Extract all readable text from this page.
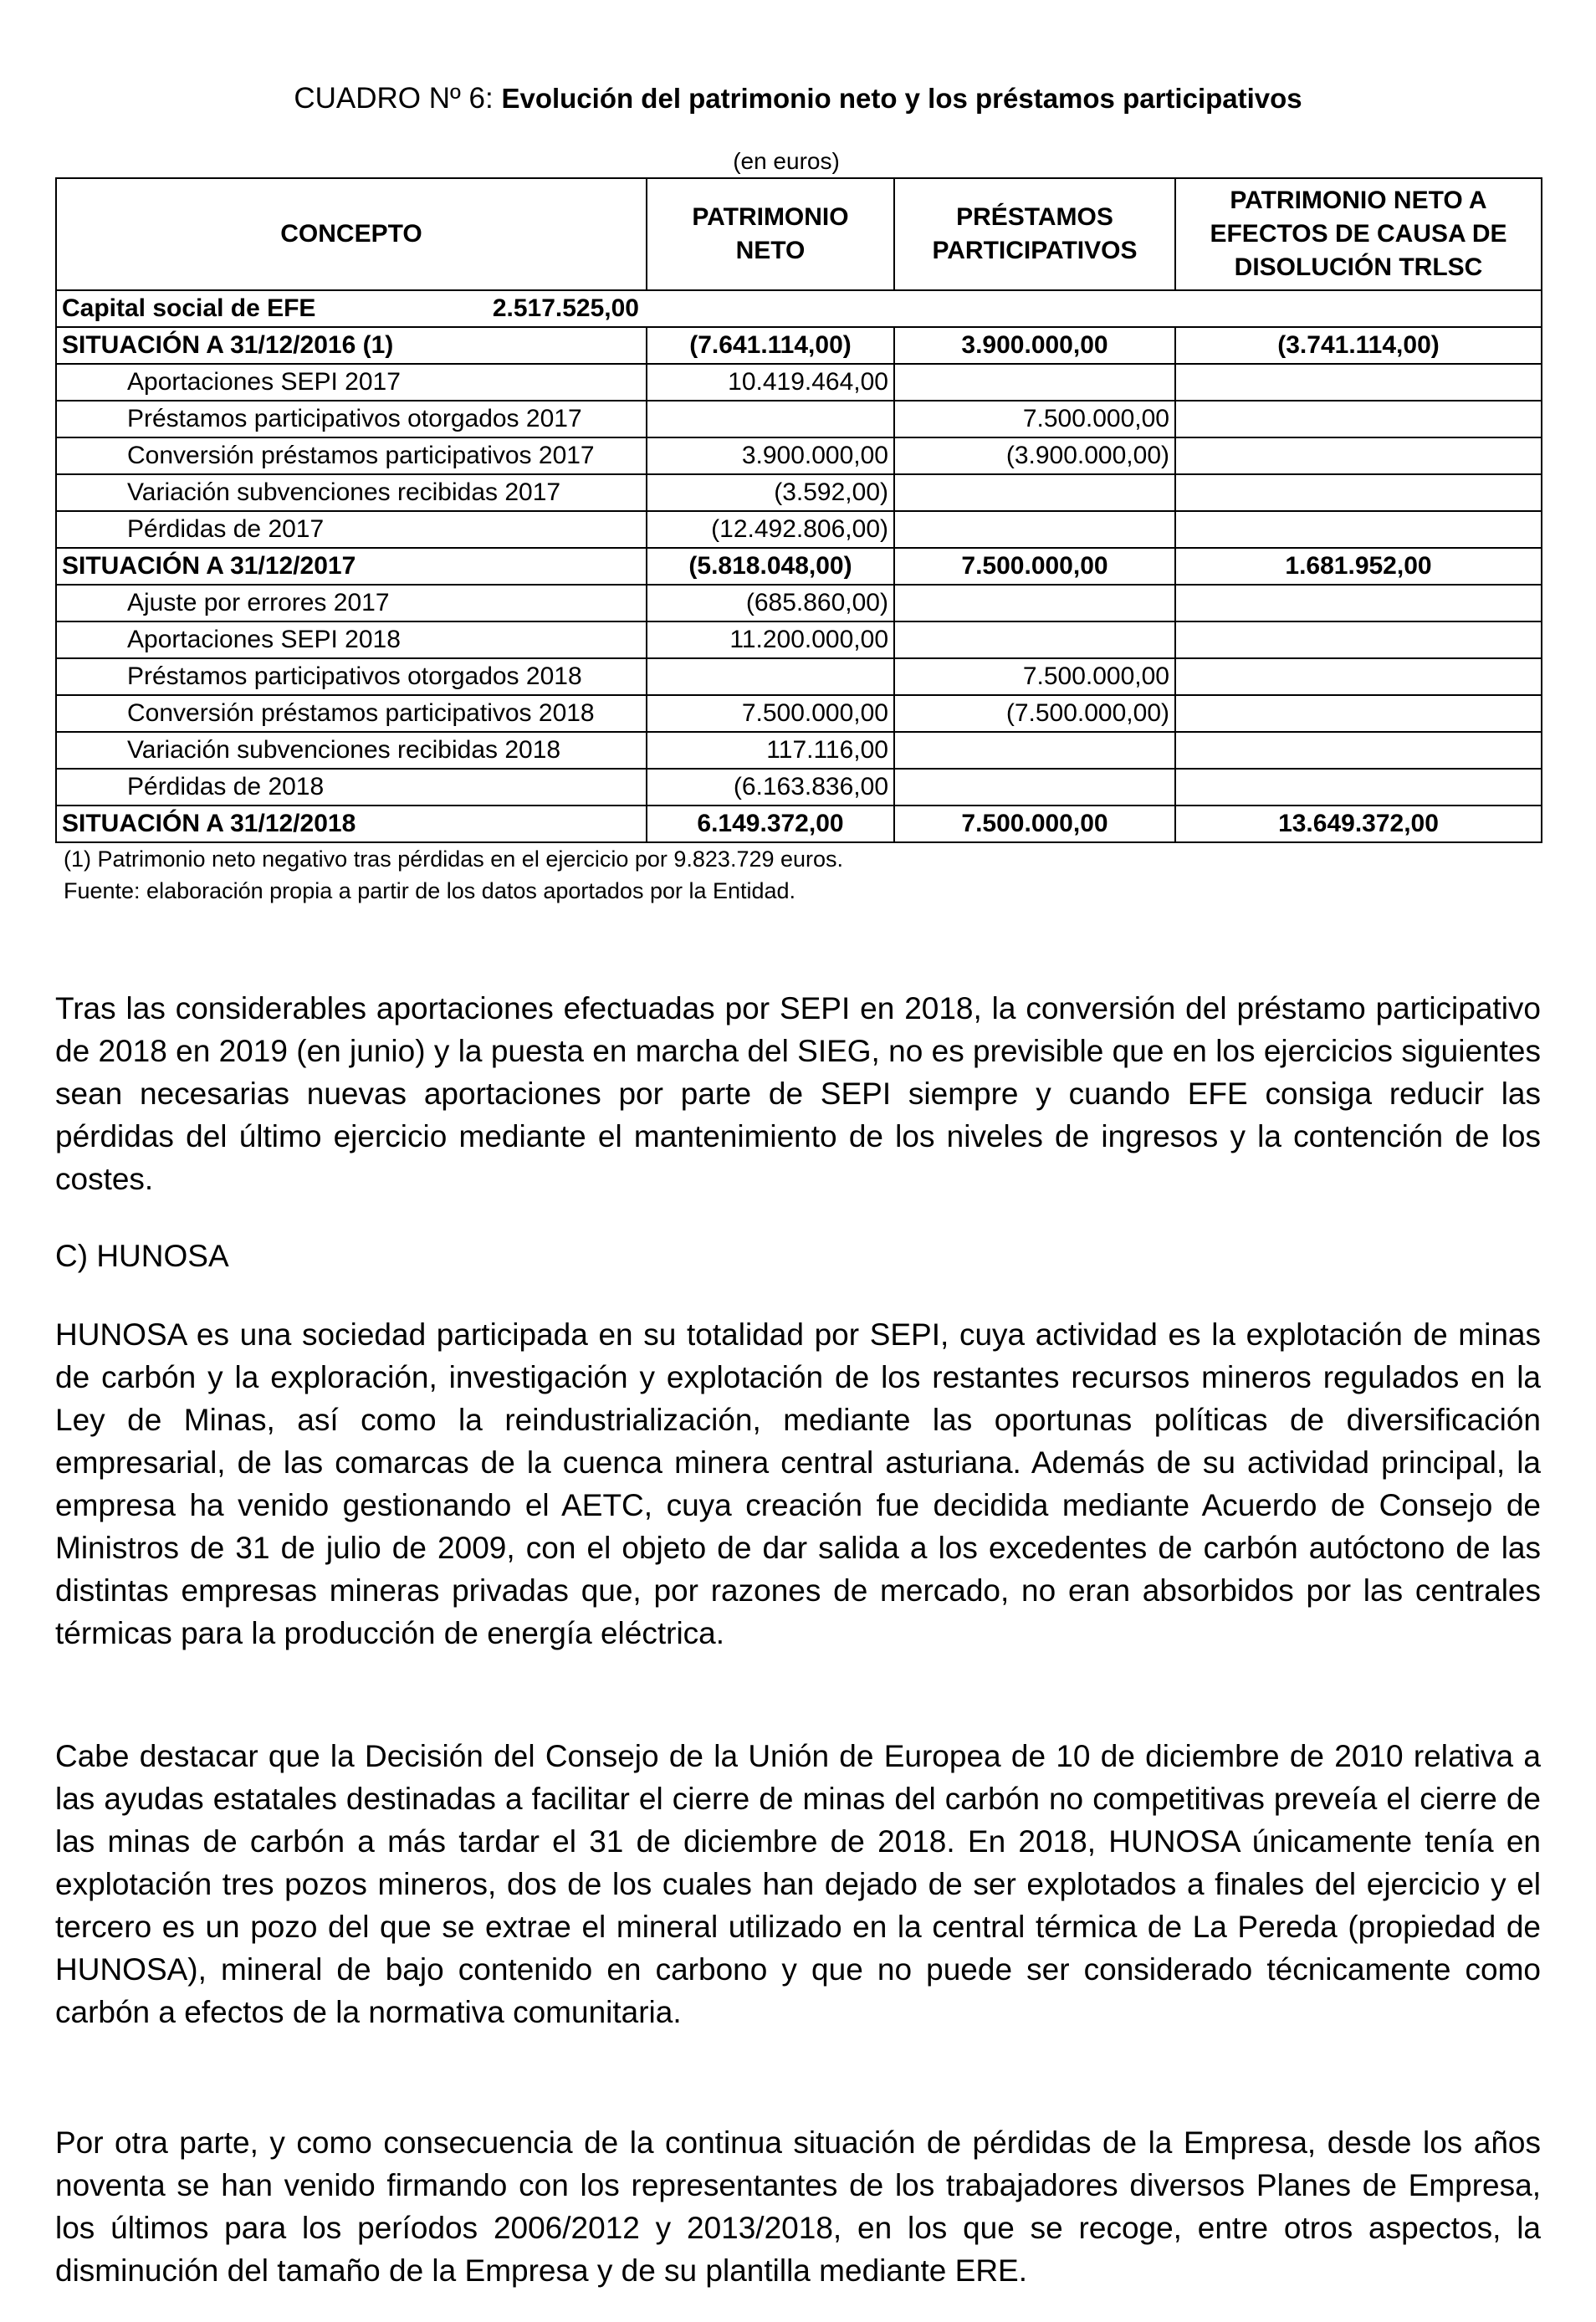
CUADRO Nº 6: Evolución del patrimonio neto y los préstamos participativos
(en euros)
CONCEPTO	PATRIMONIO NETO	PRÉSTAMOS PARTICIPATIVOS	PATRIMONIO NETO A EFECTOS DE CAUSA DE DISOLUCIÓN TRLSC

Capital social de EFE 2.517.525,00			

SITUACIÓN A 31/12/2016 (1)	(7.641.114,00)	3.900.000,00	(3.741.114,00)
Aportaciones SEPI 2017	10.419.464,00		
Préstamos participativos otorgados 2017		7.500.000,00	
Conversión préstamos participativos 2017	3.900.000,00	(3.900.000,00)	
Variación subvenciones recibidas 2017	(3.592,00)		
Pérdidas de 2017	(12.492.806,00)		
SITUACIÓN A 31/12/2017	(5.818.048,00)	7.500.000,00	1.681.952,00
Ajuste por errores 2017	(685.860,00)		
Aportaciones SEPI 2018	11.200.000,00		
Préstamos participativos otorgados 2018		7.500.000,00	
Conversión préstamos participativos 2018	7.500.000,00	(7.500.000,00)	
Variación subvenciones recibidas 2018	117.116,00		
Pérdidas de 2018	(6.163.836,00		
SITUACIÓN A 31/12/2018	6.149.372,00	7.500.000,00	13.649.372,00
(1) Patrimonio neto negativo tras pérdidas en el ejercicio por 9.823.729 euros.
Fuente: elaboración propia a partir de los datos aportados por la Entidad.
Tras las considerables aportaciones efectuadas por SEPI en 2018, la conversión del préstamo participativo de 2018 en 2019 (en junio) y la puesta en marcha del SIEG, no es previsible que en los ejercicios siguientes sean necesarias nuevas aportaciones por parte de SEPI siempre y cuando EFE consiga reducir las pérdidas del último ejercicio mediante el mantenimiento de los niveles de ingresos y la contención de los costes.
C) HUNOSA
HUNOSA es una sociedad participada en su totalidad por SEPI, cuya actividad es la explotación de minas de carbón y la exploración, investigación y explotación de los restantes recursos mineros regulados en la Ley de Minas, así como la reindustrialización, mediante las oportunas políticas de diversificación empresarial, de las comarcas de la cuenca minera central asturiana. Además de su actividad principal, la empresa ha venido gestionando el AETC, cuya creación fue decidida mediante Acuerdo de Consejo de Ministros de 31 de julio de 2009, con el objeto de dar salida a los excedentes de carbón autóctono de las distintas empresas mineras privadas que, por razones de mercado, no eran absorbidos por las centrales térmicas para la producción de energía eléctrica.
Cabe destacar que la Decisión del Consejo de la Unión de Europea de 10 de diciembre de 2010 relativa a las ayudas estatales destinadas a facilitar el cierre de minas del carbón no competitivas preveía el cierre de las minas de carbón a más tardar el 31 de diciembre de 2018. En 2018, HUNOSA únicamente tenía en explotación tres pozos mineros, dos de los cuales han dejado de ser explotados a finales del ejercicio y el tercero es un pozo del que se extrae el mineral utilizado en la central térmica de La Pereda (propiedad de HUNOSA), mineral de bajo contenido en carbono y que no puede ser considerado técnicamente como carbón a efectos de la normativa comunitaria.
Por otra parte, y como consecuencia de la continua situación de pérdidas de la Empresa, desde los años noventa se han venido firmando con los representantes de los trabajadores diversos Planes de Empresa, los últimos para los períodos 2006/2012 y 2013/2018, en los que se recoge, entre otros aspectos, la disminución del tamaño de la Empresa y de su plantilla mediante ERE.
